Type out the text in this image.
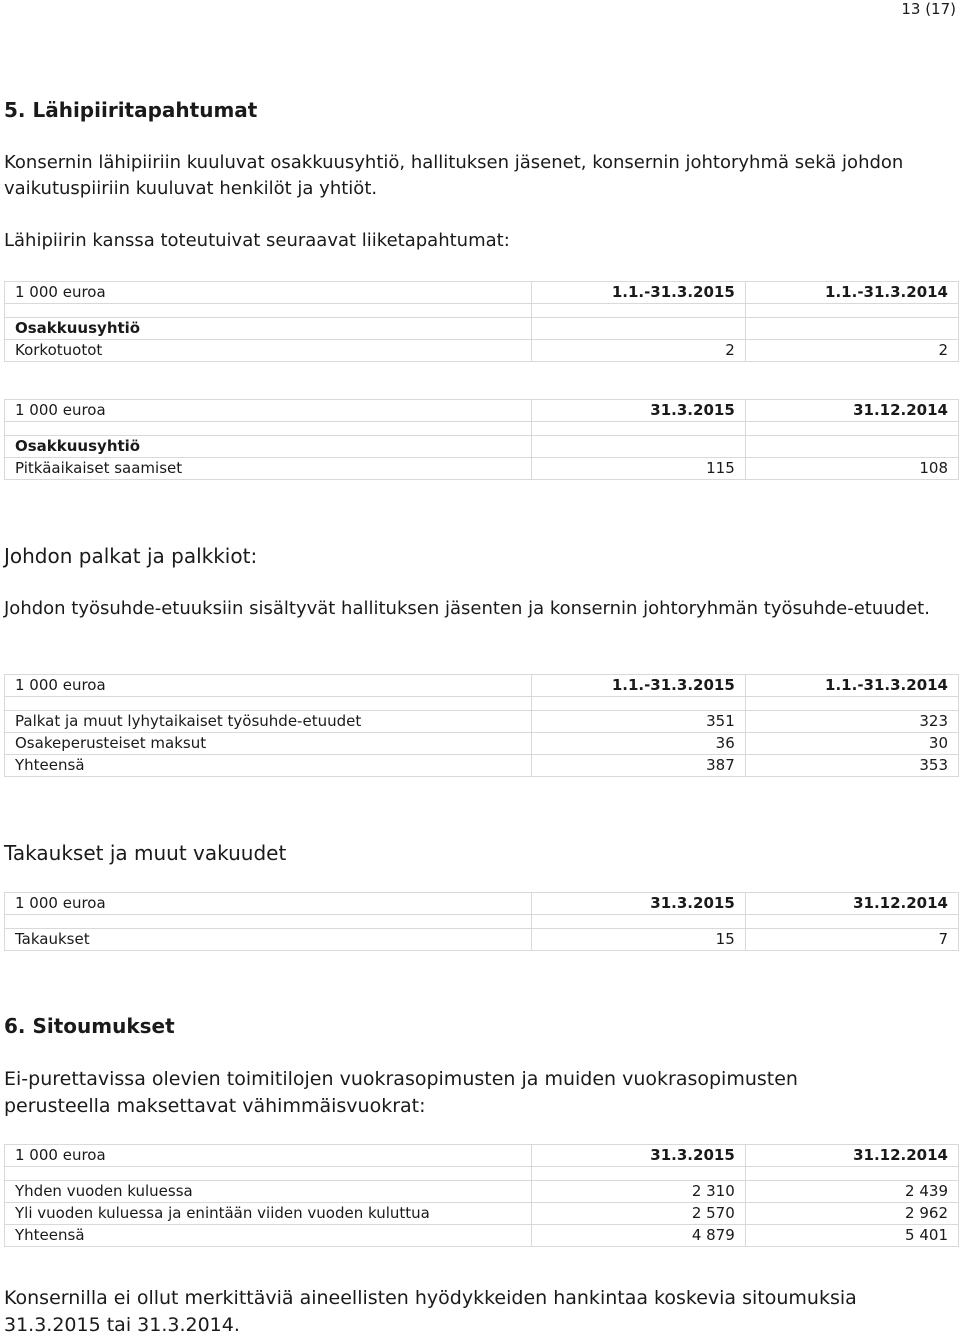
13 (17)
5. Lähipiiritapahtumat
Konsernin lähipiiriin kuuluvat osakkuusyhtiö, hallituksen jäsenet, konsernin johtoryhmä sekä johdon vaikutuspiiriin kuuluvat henkilöt ja yhtiöt.
Lähipiirin kanssa toteutuivat seuraavat liiketapahtumat:
1 000 euroa	1.1.-31.3.2015	1.1.-31.3.2014

Osakkuusyhtiö		
Korkotuotot	2	2
1 000 euroa	31.3.2015	31.12.2014

Osakkuusyhtiö		
Pitkäaikaiset saamiset	115	108
Johdon palkat ja palkkiot:
Johdon työsuhde-etuuksiin sisältyvät hallituksen jäsenten ja konsernin johtoryhmän työsuhde-etuudet.
1 000 euroa	1.1.-31.3.2015	1.1.-31.3.2014

Palkat ja muut lyhytaikaiset työsuhde-etuudet	351	323
Osakeperusteiset maksut	36	30
Yhteensä	387	353
Takaukset ja muut vakuudet
1 000 euroa	31.3.2015	31.12.2014

Takaukset	15	7
6. Sitoumukset
Ei-purettavissa olevien toimitilojen vuokrasopimusten ja muiden vuokrasopimusten perusteella maksettavat vähimmäisvuokrat:
1 000 euroa	31.3.2015	31.12.2014

Yhden vuoden kuluessa	2 310	2 439
Yli vuoden kuluessa ja enintään viiden vuoden kuluttua	2 570	2 962
Yhteensä	4 879	5 401
Konsernilla ei ollut merkittäviä aineellisten hyödykkeiden hankintaa koskevia sitoumuksia 31.3.2015 tai 31.3.2014.
